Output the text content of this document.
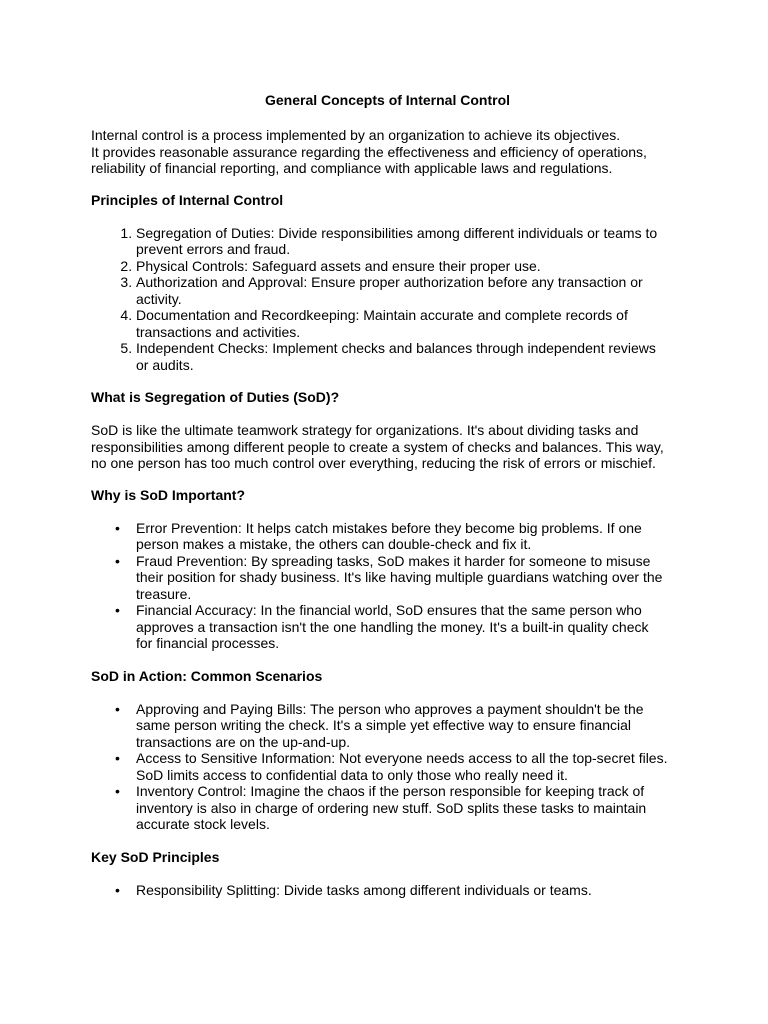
General Concepts of Internal Control
Internal control is a process implemented by an organization to achieve its objectives.
It provides reasonable assurance regarding the effectiveness and efficiency of operations,
reliability of financial reporting, and compliance with applicable laws and regulations.
Principles of Internal Control
1. Segregation of Duties: Divide responsibilities among different individuals or teams to prevent errors and fraud.
2. Physical Controls: Safeguard assets and ensure their proper use.
3. Authorization and Approval: Ensure proper authorization before any transaction or activity.
4. Documentation and Recordkeeping: Maintain accurate and complete records of transactions and activities.
5. Independent Checks: Implement checks and balances through independent reviews or audits.
What is Segregation of Duties (SoD)?
SoD is like the ultimate teamwork strategy for organizations. It's about dividing tasks and responsibilities among different people to create a system of checks and balances. This way, no one person has too much control over everything, reducing the risk of errors or mischief.
Why is SoD Important?
• Error Prevention: It helps catch mistakes before they become big problems. If one person makes a mistake, the others can double-check and fix it.
• Fraud Prevention: By spreading tasks, SoD makes it harder for someone to misuse their position for shady business. It's like having multiple guardians watching over the treasure.
• Financial Accuracy: In the financial world, SoD ensures that the same person who approves a transaction isn't the one handling the money. It's a built-in quality check for financial processes.
SoD in Action: Common Scenarios
• Approving and Paying Bills: The person who approves a payment shouldn't be the same person writing the check. It's a simple yet effective way to ensure financial transactions are on the up-and-up.
• Access to Sensitive Information: Not everyone needs access to all the top-secret files. SoD limits access to confidential data to only those who really need it.
• Inventory Control: Imagine the chaos if the person responsible for keeping track of inventory is also in charge of ordering new stuff. SoD splits these tasks to maintain accurate stock levels.
Key SoD Principles
• Responsibility Splitting: Divide tasks among different individuals or teams.
